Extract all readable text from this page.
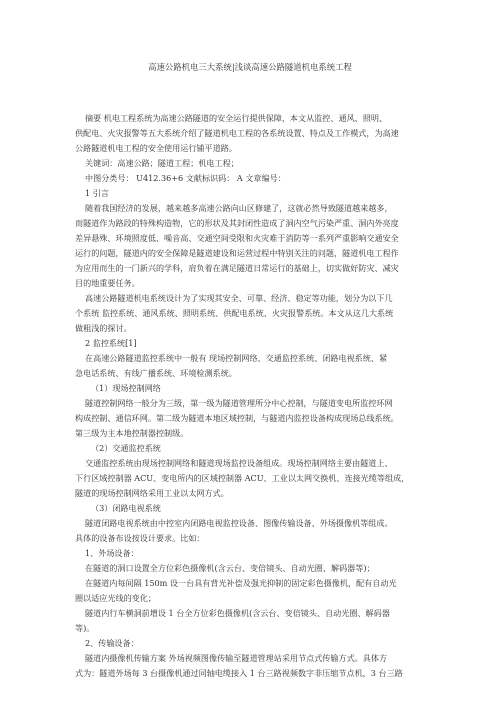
高速公路机电三大系统|浅谈高速公路隧道机电系统工程
摘要 机电工程系统为高速公路隧道的安全运行提供保障，本文从监控、通风、照明、
供配电、火灾报警等五大系统介绍了隧道机电工程的各系统设置、特点及工作模式，为高速
公路隧道机电工程的安全使用运行铺平道路。
关键词：高速公路；隧道工程；机电工程；
中图分类号： U412.36+6 文献标识码： A 文章编号：
1 引言
随着我国经济的发展，越来越多高速公路向山区修建了，这就必然导致隧道越来越多，
而隧道作为路段的特殊构造物，它的形状及其封闭性造成了洞内空气污染严重、洞内外亮度
差异悬殊、环境照度低、噪音高、交通空间受限和火灾难于消防等一系列严重影响交通安全
运行的问题，隧道内的安全保障是隧道建设和运营过程中特别关注的问题，隧道机电工程作
为应用而生的一门新兴的学科，肩负着在满足隧道日常运行的基础上，切实做好防灾、减灾
目的地重要任务。
高速公路隧道机电系统设计为了实现其安全、可靠、经济、稳定等功能，划分为以下几
个系统 监控系统、通风系统、照明系统、供配电系统、火灾报警系统。本文从这几大系统
做粗浅的探讨。
2 监控系统[1]
在高速公路隧道监控系统中一般有 现场控制网络、交通监控系统、闭路电视系统、紧
急电话系统、有线广播系统、环境检测系统。
（1）现场控制网络
隧道控制网络一般分为三级，第一级为隧道管理所分中心控制，与隧道变电所监控环网
构成控制、通信环网。第二级为隧道本地区域控制，与隧道内监控设备构成现场总线系统。
第三级为主本地控制器控制级。
（2）交通监控系统
交通监控系统由现场控制网络和隧道现场监控设备组成。现场控制网络主要由隧道上、
下行区域控制器 ACU、变电所内的区域控制器 ACU、工业以太网交换机、连接光缆等组成，
隧道的现场控制网络采用工业以太网方式。
（3）闭路电视系统
隧道闭路电视系统由中控室内闭路电视监控设备、图像传输设备、外场摄像机等组成。
具体的设备布设按设计要求。比如：
1、外场设备：
在隧道的洞口设置全方位彩色摄像机(含云台、变倍镜头、自动光圈、解码器等)；
在隧道内每间隔 150m 设一台具有背光补偿及强光抑制的固定彩色摄像机，配有自动光
圈以适应光线的变化；
隧道内行车横洞前增设 1 台全方位彩色摄像机(含云台、变倍镜头、自动光圈、解码器
等)。
2、传输设备：
隧道内摄像机传输方案 外场视频图像传输至隧道管理站采用节点式传输方式。具体方
式为：隧道外场每 3 台摄像机通过同轴电缆接入 1 台三路视频数字非压缩节点机，3 台三路
